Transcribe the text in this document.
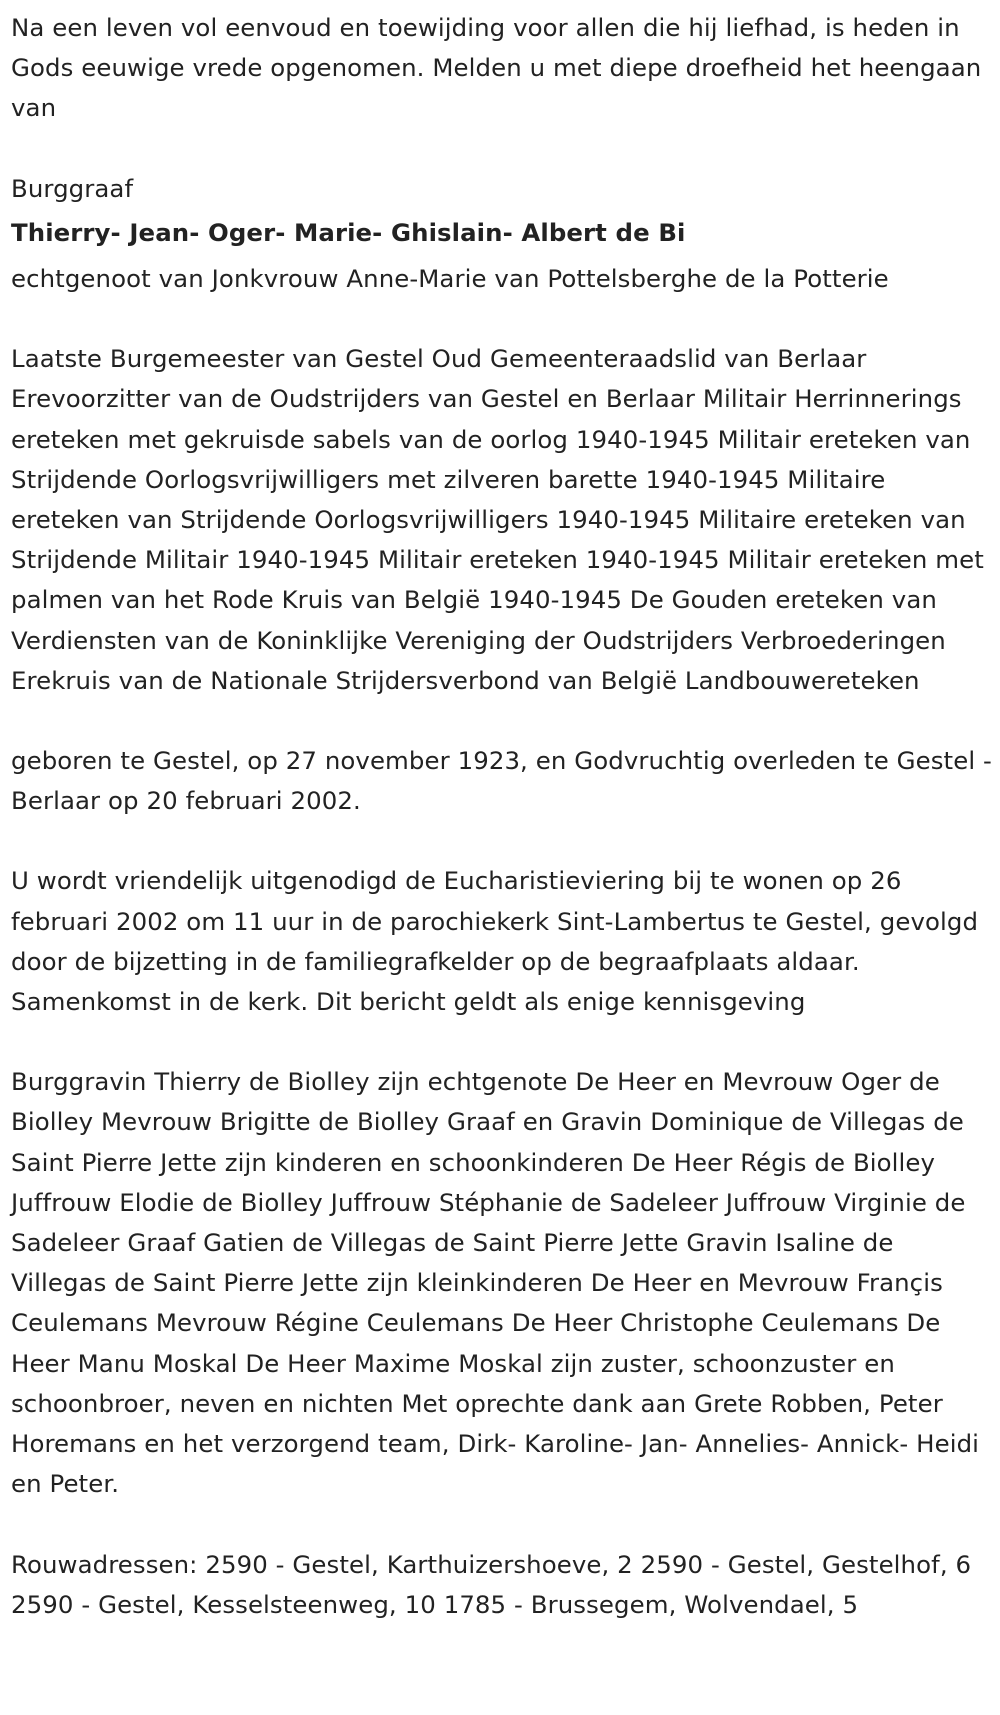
Na een leven vol eenvoud en toewijding voor allen die hij liefhad, is heden in Gods eeuwige vrede opgenomen. Melden u met diepe droefheid het heengaan van

Burggraaf

Thierry- Jean- Oger- Marie- Ghislain- Albert de Bi

echtgenoot van Jonkvrouw Anne-Marie van Pottelsberghe de la Potterie

Laatste Burgemeester van Gestel Oud Gemeenteraadslid van Berlaar Erevoorzitter van de Oudstrijders van Gestel en Berlaar Militair Herrinnerings ereteken met gekruisde sabels van de oorlog 1940-1945 Militair ereteken van Strijdende Oorlogsvrijwilligers met zilveren barette 1940-1945 Militaire ereteken van Strijdende Oorlogsvrijwilligers 1940-1945 Militaire ereteken van Strijdende Militair 1940-1945 Militair ereteken 1940-1945 Militair ereteken met palmen van het Rode Kruis van België 1940-1945 De Gouden ereteken van Verdiensten van de Koninklijke Vereniging der Oudstrijders Verbroederingen Erekruis van de Nationale Strijdersverbond van België Landbouwereteken

geboren te Gestel, op 27 november 1923, en Godvruchtig overleden te Gestel -Berlaar op 20 februari 2002.

U wordt vriendelijk uitgenodigd de Eucharistieviering bij te wonen op 26 februari 2002 om 11 uur in de parochiekerk Sint-Lambertus te Gestel, gevolgd door de bijzetting in de familiegrafkelder op de begraafplaats aldaar. Samenkomst in de kerk. Dit bericht geldt als enige kennisgeving

Burggravin Thierry de Biolley zijn echtgenote De Heer en Mevrouw Oger de Biolley Mevrouw Brigitte de Biolley Graaf en Gravin Dominique de Villegas de Saint Pierre Jette zijn kinderen en schoonkinderen De Heer Régis de Biolley Juffrouw Elodie de Biolley Juffrouw Stéphanie de Sadeleer Juffrouw Virginie de Sadeleer Graaf Gatien de Villegas de Saint Pierre Jette Gravin Isaline de Villegas de Saint Pierre Jette zijn kleinkinderen De Heer en Mevrouw Françis Ceulemans Mevrouw Régine Ceulemans De Heer Christophe Ceulemans De Heer Manu Moskal De Heer Maxime Moskal zijn zuster, schoonzuster en schoonbroer, neven en nichten Met oprechte dank aan Grete Robben, Peter Horemans en het verzorgend team, Dirk- Karoline- Jan- Annelies- Annick- Heidi en Peter.

Rouwadressen: 2590 - Gestel, Karthuizershoeve, 2 2590 - Gestel, Gestelhof, 6 2590 - Gestel, Kesselsteenweg, 10 1785 - Brussegem, Wolvendael, 5
